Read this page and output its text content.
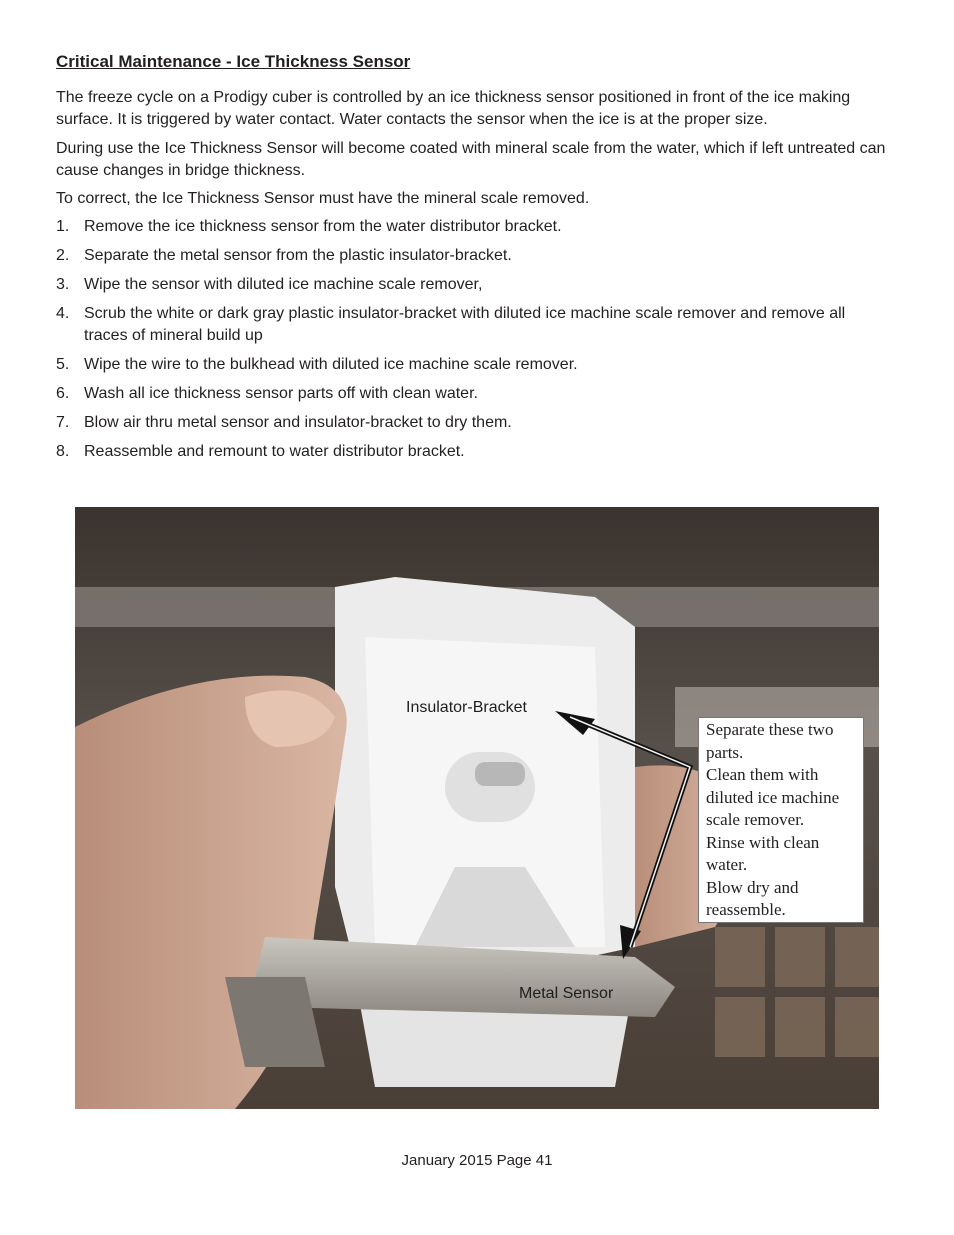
Critical Maintenance - Ice Thickness Sensor

The freeze cycle on a Prodigy cuber is controlled by an ice thickness sensor positioned in front of the ice making surface. It is triggered by water contact. Water contacts the sensor when the ice is at the proper size.

During use the Ice Thickness Sensor will become coated with mineral scale from the water, which if left untreated can cause changes in bridge thickness.

To correct, the Ice Thickness Sensor must have the mineral scale removed.

1. Remove the ice thickness sensor from the water distributor bracket.
2. Separate the metal sensor from the plastic insulator-bracket.
3. Wipe the sensor with diluted ice machine scale remover,
4. Scrub the white or dark gray plastic insulator-bracket with diluted ice machine scale remover and remove all traces of mineral build up
5. Wipe the wire to the bulkhead with diluted ice machine scale remover.
6. Wash all ice thickness sensor parts off with clean water.
7. Blow air thru metal sensor and insulator-bracket to dry them.
8. Reassemble and remount to water distributor bracket.
Insulator-Bracket
Metal Sensor
Separate these two parts.
Clean them with diluted ice machine scale remover.
Rinse with clean water.
Blow dry and reassemble.
January 2015 Page 41
